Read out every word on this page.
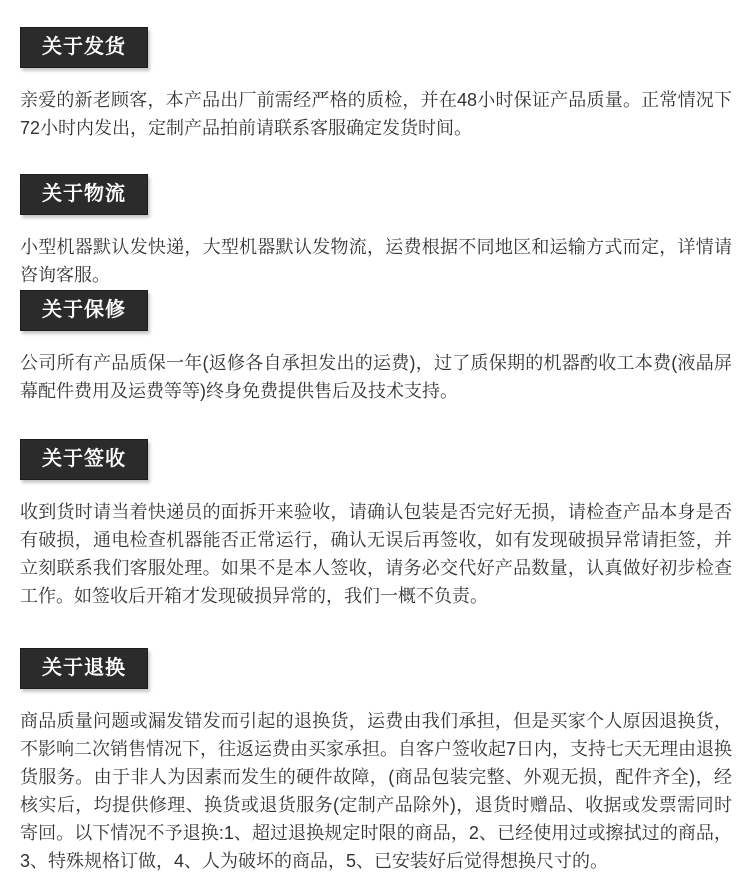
关于发货

亲爱的新老顾客，本产品出厂前需经严格的质检，并在48小时保证产品质量。正常情况下72小时内发出，定制产品拍前请联系客服确定发货时间。

关于物流

小型机器默认发快递，大型机器默认发物流，运费根据不同地区和运输方式而定，详情请咨询客服。

关于保修

公司所有产品质保一年(返修各自承担发出的运费)，过了质保期的机器酌收工本费(液晶屏幕配件费用及运费等等)终身免费提供售后及技术支持。

关于签收

收到货时请当着快递员的面拆开来验收，请确认包装是否完好无损，请检查产品本身是否有破损，通电检查机器能否正常运行，确认无误后再签收，如有发现破损异常请拒签，并立刻联系我们客服处理。如果不是本人签收，请务必交代好产品数量，认真做好初步检查工作。如签收后开箱才发现破损异常的，我们一概不负责。

关于退换

商品质量问题或漏发错发而引起的退换货，运费由我们承担，但是买家个人原因退换货，不影响二次销售情况下，往返运费由买家承担。自客户签收起7日内，支持七天无理由退换货服务。由于非人为因素而发生的硬件故障，(商品包装完整、外观无损，配件齐全)，经核实后，均提供修理、换货或退货服务(定制产品除外)，退货时赠品、收据或发票需同时寄回。以下情况不予退换:1、超过退换规定时限的商品，2、已经使用过或擦拭过的商品，3、特殊规格订做，4、人为破坏的商品，5、已安装好后觉得想换尺寸的。
